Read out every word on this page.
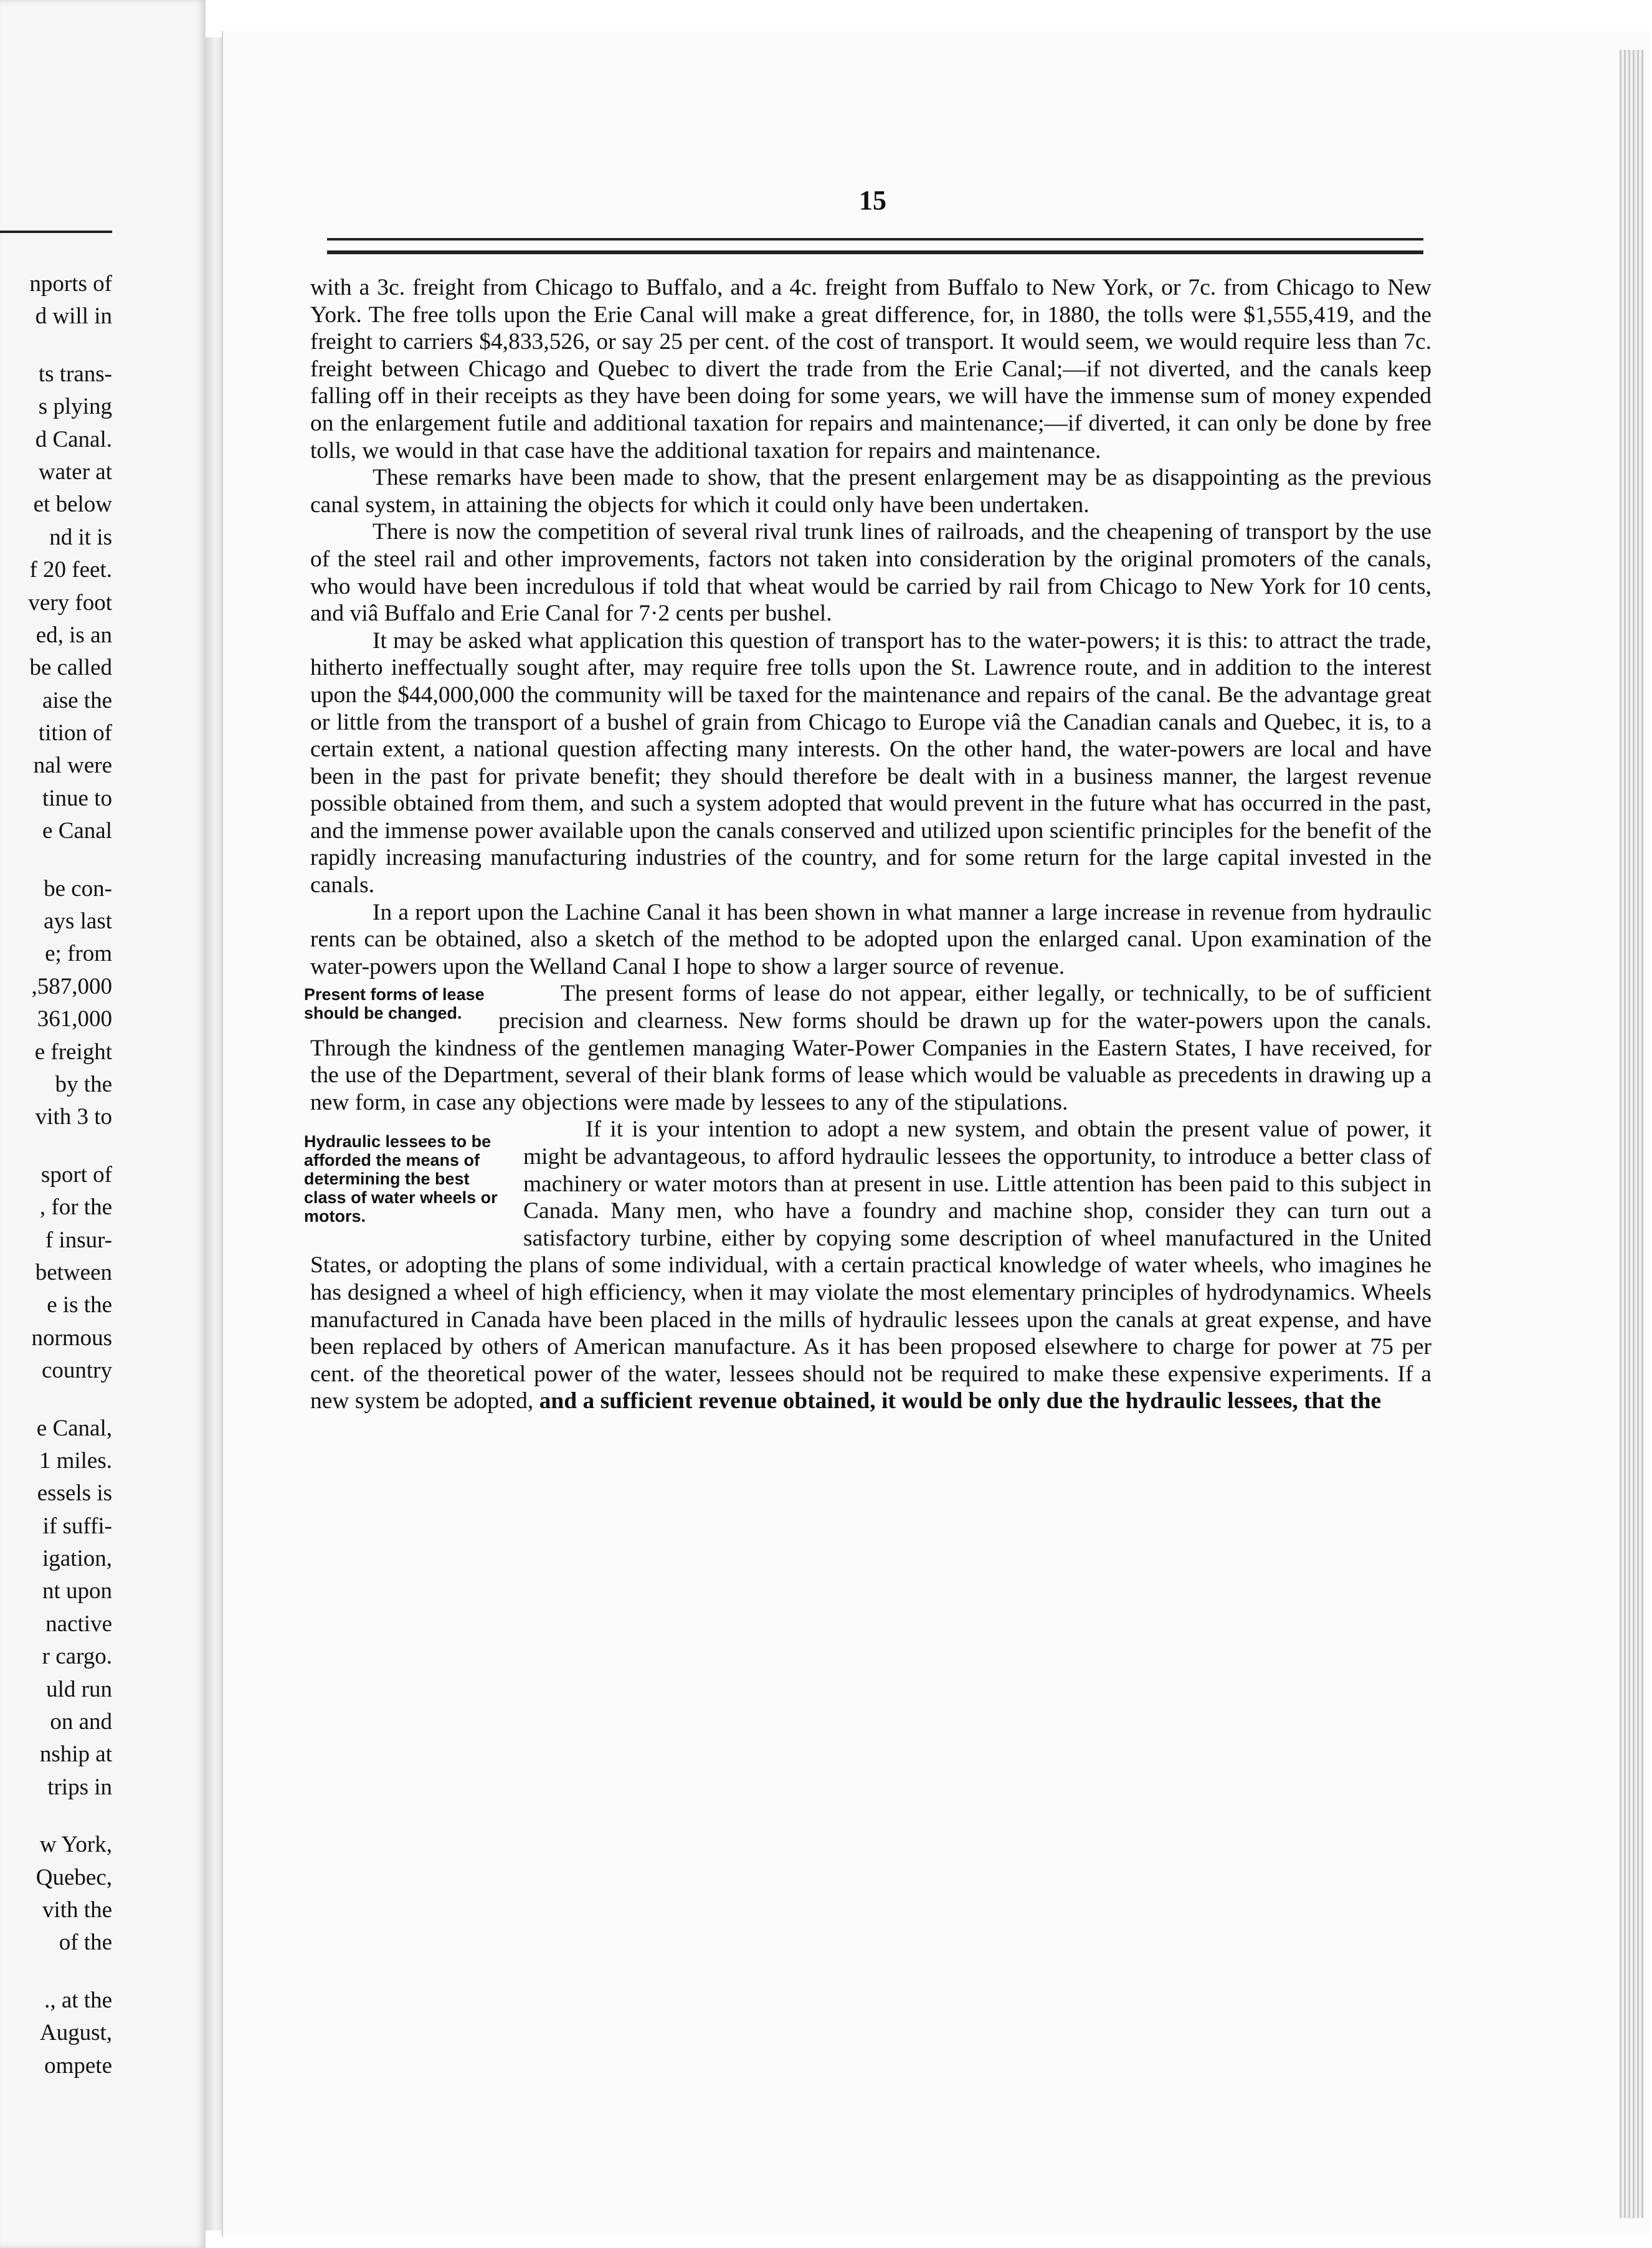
nports of
d will in
ts trans-
s plying
d Canal.
water at
et below
nd it is
f 20 feet.
very foot
ed, is an
be called
aise the
tition of
nal were
tinue to
e Canal
be con-
ays last
e; from
,587,000
361,000
e freight
by the
vith 3 to
sport of
, for the
f insur-
between
e is the
normous
country
e Canal,
1 miles.
essels is
if suffi-
igation,
nt upon
nactive
r cargo.
uld run
on and
nship at
trips in
w York,
Quebec,
vith the
of the
., at the
August,
ompete
15

with a 3c. freight from Chicago to Buffalo, and a 4c. freight from Buffalo to New York, or 7c. from Chicago to New York. The free tolls upon the Erie Canal will make a great difference, for, in 1880, the tolls were $1,555,419, and the freight to carriers $4,833,526, or say 25 per cent. of the cost of transport. It would seem, we would require less than 7c. freight between Chicago and Quebec to divert the trade from the Erie Canal;—if not diverted, and the canals keep falling off in their receipts as they have been doing for some years, we will have the immense sum of money expended on the enlargement futile and additional taxation for repairs and maintenance;—if diverted, it can only be done by free tolls, we would in that case have the additional taxation for repairs and maintenance.

These remarks have been made to show, that the present enlargement may be as disappointing as the previous canal system, in attaining the objects for which it could only have been undertaken.

There is now the competition of several rival trunk lines of railroads, and the cheapening of transport by the use of the steel rail and other improvements, factors not taken into consideration by the original promoters of the canals, who would have been incredulous if told that wheat would be carried by rail from Chicago to New York for 10 cents, and viâ Buffalo and Erie Canal for 7·2 cents per bushel.

It may be asked what application this question of transport has to the water-powers; it is this: to attract the trade, hitherto ineffectually sought after, may require free tolls upon the St. Lawrence route, and in addition to the interest upon the $44,000,000 the community will be taxed for the maintenance and repairs of the canal. Be the advantage great or little from the transport of a bushel of grain from Chicago to Europe viâ the Canadian canals and Quebec, it is, to a certain extent, a national question affecting many interests. On the other hand, the water-powers are local and have been in the past for private benefit; they should therefore be dealt with in a business manner, the largest revenue possible obtained from them, and such a system adopted that would prevent in the future what has occurred in the past, and the immense power available upon the canals conserved and utilized upon scientific principles for the benefit of the rapidly increasing manufacturing industries of the country, and for some return for the large capital invested in the canals.

In a report upon the Lachine Canal it has been shown in what manner a large increase in revenue from hydraulic rents can be obtained, also a sketch of the method to be adopted upon the enlarged canal. Upon examination of the water-powers upon the Welland Canal I hope to show a larger source of revenue.

Present forms of lease should be changed.
The present forms of lease do not appear, either legally, or technically, to be of sufficient precision and clearness. New forms should be drawn up for the water-powers upon the canals. Through the kindness of the gentlemen managing Water-Power Companies in the Eastern States, I have received, for the use of the Department, several of their blank forms of lease which would be valuable as precedents in drawing up a new form, in case any objections were made by lessees to any of the stipulations.

Hydraulic lessees to be afforded the means of determining the best class of water wheels or motors.
If it is your intention to adopt a new system, and obtain the present value of power, it might be advantageous, to afford hydraulic lessees the opportunity, to introduce a better class of machinery or water motors than at present in use. Little attention has been paid to this subject in Canada. Many men, who have a foundry and machine shop, consider they can turn out a satisfactory turbine, either by copying some description of wheel manufactured in the United States, or adopting the plans of some individual, with a certain practical knowledge of water wheels, who imagines he has designed a wheel of high efficiency, when it may violate the most elementary principles of hydrodynamics. Wheels manufactured in Canada have been placed in the mills of hydraulic lessees upon the canals at great expense, and have been replaced by others of American manufacture. As it has been proposed elsewhere to charge for power at 75 per cent. of the theoretical power of the water, lessees should not be required to make these expensive experiments. If a new system be adopted, and a sufficient revenue obtained, it would be only due the hydraulic lessees, that the
